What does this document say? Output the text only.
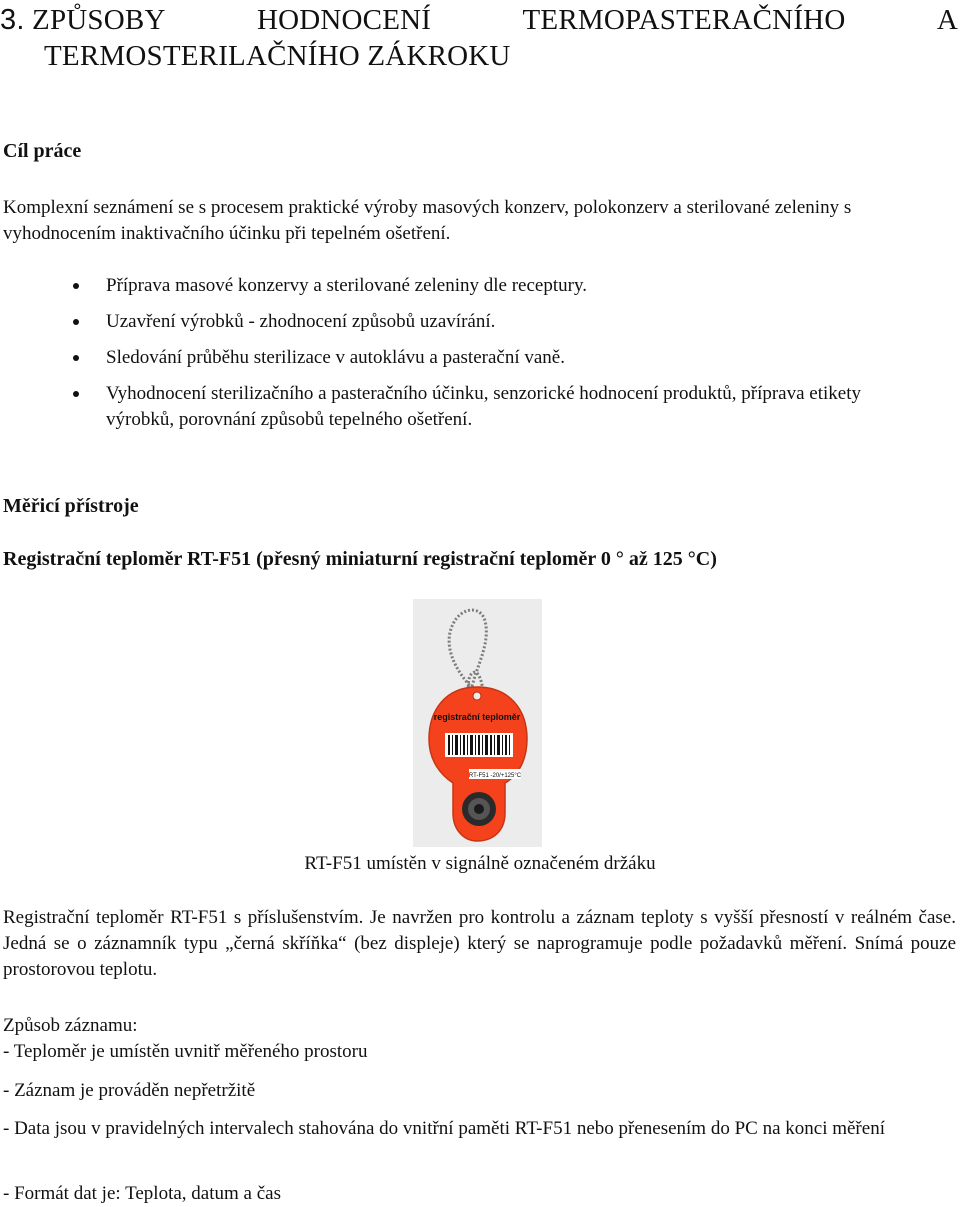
3. ZPŮSOBY	HODNOCENÍ	TERMOPASTERAČNÍHO	A
TERMOSTERILAČNÍHO ZÁKROKU
Cíl práce
Komplexní seznámení se s procesem praktické výroby masových konzerv, polokonzerv a sterilované zeleniny s vyhodnocením inaktivačního účinku při tepelném ošetření.
Příprava masové konzervy a sterilované zeleniny dle receptury.
Uzavření výrobků - zhodnocení způsobů uzavírání.
Sledování průběhu sterilizace v autoklávu a pasterační vaně.
Vyhodnocení sterilizačního a pasteračního účinku, senzorické hodnocení produktů, příprava etikety výrobků, porovnání způsobů tepelného ošetření.
Měřicí přístroje
Registrační teploměr RT-F51 (přesný miniaturní registrační teploměr 0 ° až 125 °C)
registrační teploměr
RT-F51 -20/+125°C
RT-F51 umístěn v signálně označeném držáku
Registrační teploměr RT-F51 s příslušenstvím. Je navržen pro kontrolu a záznam teploty s vyšší přesností v reálném čase. Jedná se o záznamník typu „černá skříňka“ (bez displeje) který se naprogramuje podle požadavků měření. Snímá pouze prostorovou teplotu.
Způsob záznamu:
- Teploměr je umístěn uvnitř měřeného prostoru
- Záznam je prováděn nepřetržitě
- Data jsou v pravidelných intervalech stahována do vnitřní paměti RT-F51 nebo přenesením do PC na konci měření
- Formát dat je: Teplota, datum a čas
